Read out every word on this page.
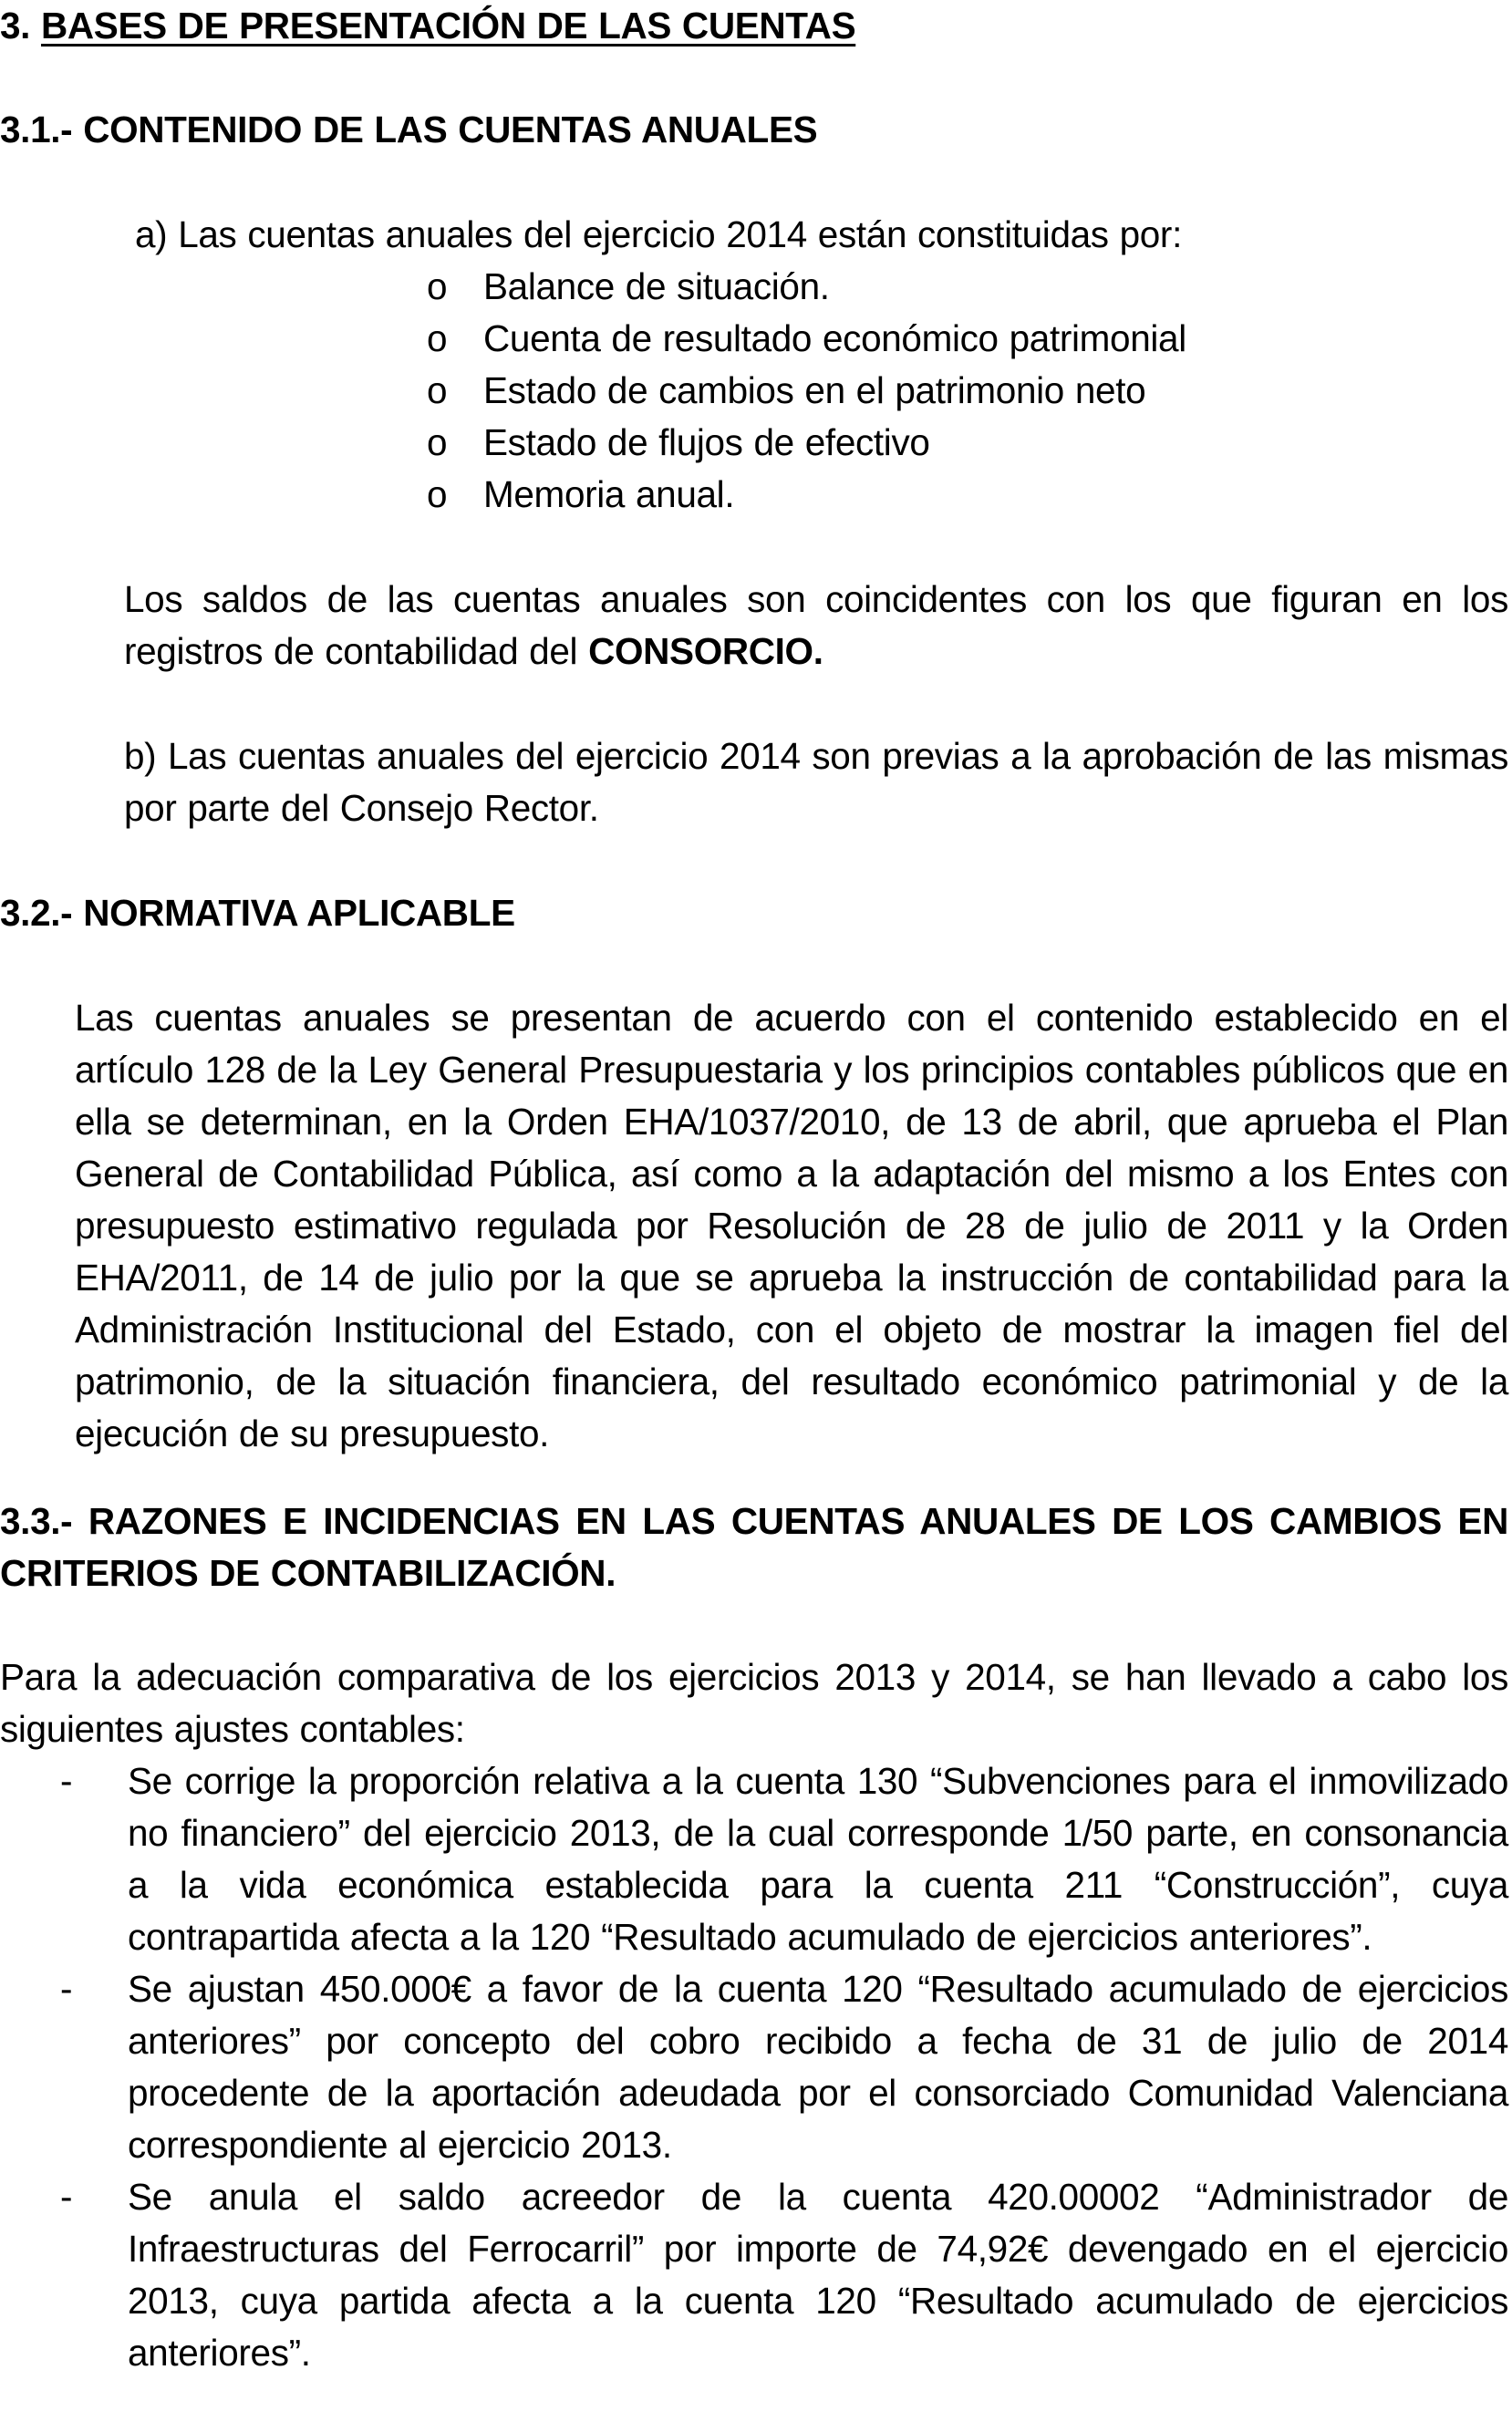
3. BASES DE PRESENTACIÓN DE LAS CUENTAS
3.1.- CONTENIDO DE LAS CUENTAS ANUALES

a) Las cuentas anuales del ejercicio 2014 están constituidas por:

o Balance de situación.
o Cuenta de resultado económico patrimonial
o Estado de cambios en el patrimonio neto
o Estado de flujos de efectivo
o Memoria anual.

Los saldos de las cuentas anuales son coincidentes con los que figuran en los registros de contabilidad del CONSORCIO.

b) Las cuentas anuales del ejercicio 2014 son previas a la aprobación de las mismas por parte del Consejo Rector.

3.2.- NORMATIVA APLICABLE

Las cuentas anuales se presentan de acuerdo con el contenido establecido en el artículo 128 de la Ley General Presupuestaria y los principios contables públicos que en ella se determinan, en la Orden EHA/1037/2010, de 13 de abril, que aprueba el Plan General de Contabilidad Pública, así como a la adaptación del mismo a los Entes con presupuesto estimativo regulada por Resolución de 28 de julio de 2011 y la Orden EHA/2011, de 14 de julio por la que se aprueba la instrucción de contabilidad para la Administración Institucional del Estado, con el objeto de mostrar la imagen fiel del patrimonio, de la situación financiera, del resultado económico patrimonial y de la ejecución de su presupuesto.

3.3.- RAZONES E INCIDENCIAS EN LAS CUENTAS ANUALES DE LOS CAMBIOS EN CRITERIOS DE CONTABILIZACIÓN.

Para la adecuación comparativa de los ejercicios 2013 y 2014, se han llevado a cabo los siguientes ajustes contables:

- Se corrige la proporción relativa a la cuenta 130 “Subvenciones para el inmovilizado no financiero” del ejercicio 2013, de la cual corresponde 1/50 parte, en consonancia a la vida económica establecida para la cuenta 211 “Construcción”, cuya contrapartida afecta a la 120 “Resultado acumulado de ejercicios anteriores”.
- Se ajustan 450.000€ a favor de la cuenta 120 “Resultado acumulado de ejercicios anteriores” por concepto del cobro recibido a fecha de 31 de julio de 2014 procedente de la aportación adeudada por el consorciado Comunidad Valenciana correspondiente al ejercicio 2013.
- Se anula el saldo acreedor de la cuenta 420.00002 “Administrador de Infraestructuras del Ferrocarril” por importe de 74,92€ devengado en el ejercicio 2013, cuya partida afecta a la cuenta 120 “Resultado acumulado de ejercicios anteriores”.
